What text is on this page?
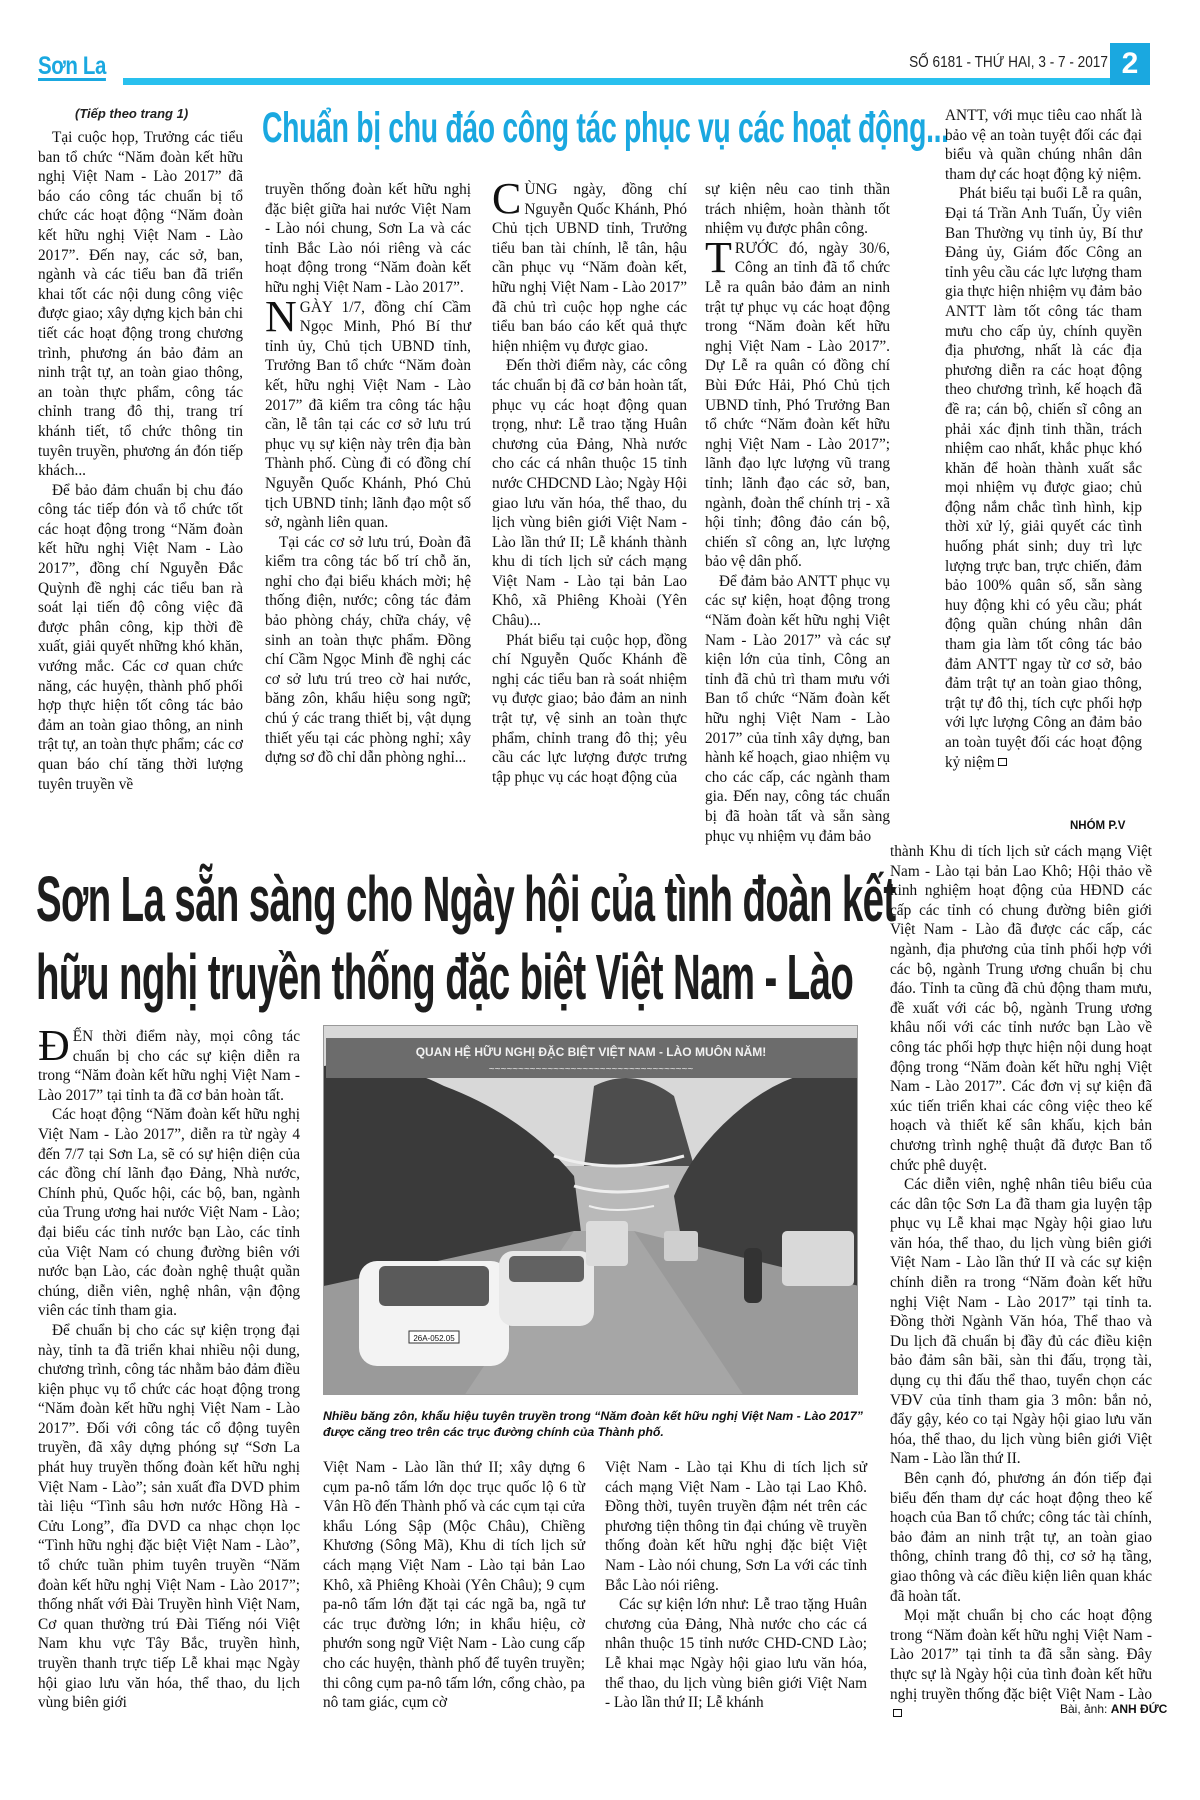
Sơn La	SỐ 6181 - THỨ HAI, 3 - 7 - 2017 2
(Tiếp theo trang 1) Chuẩn bị chu đáo công tác phục vụ các hoạt động...

Tại cuộc họp, Trưởng các tiểu ban tổ chức “Năm đoàn kết hữu nghị Việt Nam - Lào 2017” đã báo cáo công tác chuẩn bị tổ chức các hoạt động “Năm đoàn kết hữu nghị Việt Nam - Lào 2017”. Đến nay, các sở, ban, ngành và các tiểu ban đã triển khai tốt các nội dung công việc được giao; xây dựng kịch bản chi tiết các hoạt động trong chương trình, phương án bảo đảm an ninh trật tự, an toàn giao thông, an toàn thực phẩm, công tác chỉnh trang đô thị, trang trí khánh tiết, tổ chức thông tin tuyên truyền, phương án đón tiếp khách...

Để bảo đảm chuẩn bị chu đáo công tác tiếp đón và tổ chức tốt các hoạt động trong “Năm đoàn kết hữu nghị Việt Nam - Lào 2017”, đồng chí Nguyễn Đắc Quỳnh đề nghị các tiểu ban rà soát lại tiến độ công việc đã được phân công, kịp thời đề xuất, giải quyết những khó khăn, vướng mắc. Các cơ quan chức năng, các huyện, thành phố phối hợp thực hiện tốt công tác bảo đảm an toàn giao thông, an ninh trật tự, an toàn thực phẩm; các cơ quan báo chí tăng thời lượng tuyên truyền về

truyền thống đoàn kết hữu nghị đặc biệt giữa hai nước Việt Nam - Lào nói chung, Sơn La và các tỉnh Bắc Lào nói riêng và các hoạt động trong “Năm đoàn kết hữu nghị Việt Nam - Lào 2017”.

NGÀY 1/7, đồng chí Cầm Ngọc Minh, Phó Bí thư tỉnh ủy, Chủ tịch UBND tỉnh, Trưởng Ban tổ chức “Năm đoàn kết, hữu nghị Việt Nam - Lào 2017” đã kiểm tra công tác hậu cần, lễ tân tại các cơ sở lưu trú phục vụ sự kiện này trên địa bàn Thành phố. Cùng đi có đồng chí Nguyễn Quốc Khánh, Phó Chủ tịch UBND tỉnh; lãnh đạo một số sở, ngành liên quan.

Tại các cơ sở lưu trú, Đoàn đã kiểm tra công tác bố trí chỗ ăn, nghỉ cho đại biểu khách mời; hệ thống điện, nước; công tác đảm bảo phòng cháy, chữa cháy, vệ sinh an toàn thực phẩm. Đồng chí Cầm Ngọc Minh đề nghị các cơ sở lưu trú treo cờ hai nước, băng zôn, khẩu hiệu song ngữ; chú ý các trang thiết bị, vật dụng thiết yếu tại các phòng nghỉ; xây dựng sơ đồ chỉ dẫn phòng nghỉ...

CÙNG ngày, đồng chí Nguyễn Quốc Khánh, Phó Chủ tịch UBND tỉnh, Trưởng tiểu ban tài chính, lễ tân, hậu cần phục vụ “Năm đoàn kết, hữu nghị Việt Nam - Lào 2017” đã chủ trì cuộc họp nghe các tiểu ban báo cáo kết quả thực hiện nhiệm vụ được giao.

Đến thời điểm này, các công tác chuẩn bị đã cơ bản hoàn tất, phục vụ các hoạt động quan trọng, như: Lễ trao tặng Huân chương của Đảng, Nhà nước cho các cá nhân thuộc 15 tỉnh nước CHDCND Lào; Ngày Hội giao lưu văn hóa, thể thao, du lịch vùng biên giới Việt Nam - Lào lần thứ II; Lễ khánh thành khu di tích lịch sử cách mạng Việt Nam - Lào tại bản Lao Khô, xã Phiêng Khoài (Yên Châu)...

Phát biểu tại cuộc họp, đồng chí Nguyễn Quốc Khánh đề nghị các tiểu ban rà soát nhiệm vụ được giao; bảo đảm an ninh trật tự, vệ sinh an toàn thực phẩm, chỉnh trang đô thị; yêu cầu các lực lượng được trưng tập phục vụ các hoạt động của

sự kiện nêu cao tinh thần trách nhiệm, hoàn thành tốt nhiệm vụ được phân công.

TRƯỚC đó, ngày 30/6, Công an tỉnh đã tổ chức Lễ ra quân bảo đảm an ninh trật tự phục vụ các hoạt động trong “Năm đoàn kết hữu nghị Việt Nam - Lào 2017”. Dự Lễ ra quân có đồng chí Bùi Đức Hải, Phó Chủ tịch UBND tỉnh, Phó Trưởng Ban tổ chức “Năm đoàn kết hữu nghị Việt Nam - Lào 2017”; lãnh đạo lực lượng vũ trang tỉnh; lãnh đạo các sở, ban, ngành, đoàn thể chính trị - xã hội tỉnh; đông đảo cán bộ, chiến sĩ công an, lực lượng bảo vệ dân phố.

Để đảm bảo ANTT phục vụ các sự kiện, hoạt động trong “Năm đoàn kết hữu nghị Việt Nam - Lào 2017” và các sự kiện lớn của tỉnh, Công an tỉnh đã chủ trì tham mưu với Ban tổ chức “Năm đoàn kết hữu nghị Việt Nam - Lào 2017” của tỉnh xây dựng, ban hành kế hoạch, giao nhiệm vụ cho các cấp, các ngành tham gia. Đến nay, công tác chuẩn bị đã hoàn tất và sẵn sàng phục vụ nhiệm vụ đảm bảo

ANTT, với mục tiêu cao nhất là bảo vệ an toàn tuyệt đối các đại biểu và quần chúng nhân dân tham dự các hoạt động kỷ niệm.

Phát biểu tại buổi Lễ ra quân, Đại tá Trần Anh Tuấn, Ủy viên Ban Thường vụ tỉnh ủy, Bí thư Đảng ủy, Giám đốc Công an tỉnh yêu cầu các lực lượng tham gia thực hiện nhiệm vụ đảm bảo ANTT làm tốt công tác tham mưu cho cấp ủy, chính quyền địa phương, nhất là các địa phương diễn ra các hoạt động theo chương trình, kế hoạch đã đề ra; cán bộ, chiến sĩ công an phải xác định tinh thần, trách nhiệm cao nhất, khắc phục khó khăn để hoàn thành xuất sắc mọi nhiệm vụ được giao; chủ động nắm chắc tình hình, kịp thời xử lý, giải quyết các tình huống phát sinh; duy trì lực lượng trực ban, trực chiến, đảm bảo 100% quân số, sẵn sàng huy động khi có yêu cầu; phát động quần chúng nhân dân tham gia làm tốt công tác bảo đảm ANTT ngay từ cơ sở, bảo đảm trật tự an toàn giao thông, trật tự đô thị, tích cực phối hợp với lực lượng Công an đảm bảo an toàn tuyệt đối các hoạt động kỷ niệm

NHÓM P.V
Sơn La sẵn sàng cho Ngày hội của tình đoàn kết
hữu nghị truyền thống đặc biệt Việt Nam - Lào

ĐẾN thời điểm này, mọi công tác chuẩn bị cho các sự kiện diễn ra trong “Năm đoàn kết hữu nghị Việt Nam - Lào 2017” tại tỉnh ta đã cơ bản hoàn tất.

Các hoạt động “Năm đoàn kết hữu nghị Việt Nam - Lào 2017”, diễn ra từ ngày 4 đến 7/7 tại Sơn La, sẽ có sự hiện diện của các đồng chí lãnh đạo Đảng, Nhà nước, Chính phủ, Quốc hội, các bộ, ban, ngành của Trung ương hai nước Việt Nam - Lào; đại biểu các tỉnh nước bạn Lào, các tỉnh của Việt Nam có chung đường biên với nước bạn Lào, các đoàn nghệ thuật quần chúng, diễn viên, nghệ nhân, vận động viên các tỉnh tham gia.

Để chuẩn bị cho các sự kiện trọng đại này, tỉnh ta đã triển khai nhiều nội dung, chương trình, công tác nhằm bảo đảm điều kiện phục vụ tổ chức các hoạt động trong “Năm đoàn kết hữu nghị Việt Nam - Lào 2017”. Đối với công tác cổ động tuyên truyền, đã xây dựng phóng sự “Sơn La phát huy truyền thống đoàn kết hữu nghị Việt Nam - Lào”; sản xuất đĩa DVD phim tài liệu “Tình sâu hơn nước Hồng Hà - Cửu Long”, đĩa DVD ca nhạc chọn lọc “Tình hữu nghị đặc biệt Việt Nam - Lào”, tổ chức tuần phim tuyên truyền “Năm đoàn kết hữu nghị Việt Nam - Lào 2017”; thống nhất với Đài Truyền hình Việt Nam, Cơ quan thường trú Đài Tiếng nói Việt Nam khu vực Tây Bắc, truyền hình, truyền thanh trực tiếp Lễ khai mạc Ngày hội giao lưu văn hóa, thể thao, du lịch vùng biên giới

QUAN HỆ HỮU NGHỊ ĐẶC BIỆT VIỆT NAM - LÀO MUÔN NĂM!
~~~~~~~~~~~~~~~~~~~~~~~~~~~~~~~~~~~
26A-052.05
Nhiều băng zôn, khẩu hiệu tuyên truyền trong “Năm đoàn kết hữu nghị Việt Nam - Lào 2017” được căng treo trên các trục đường chính của Thành phố.

Việt Nam - Lào lần thứ II; xây dựng 6 cụm pa-nô tấm lớn dọc trục quốc lộ 6 từ Vân Hồ đến Thành phố và các cụm tại cửa khẩu Lóng Sập (Mộc Châu), Chiềng Khương (Sông Mã), Khu di tích lịch sử cách mạng Việt Nam - Lào tại bản Lao Khô, xã Phiêng Khoài (Yên Châu); 9 cụm pa-nô tấm lớn đặt tại các ngã ba, ngã tư các trục đường lớn; in khẩu hiệu, cờ phướn song ngữ Việt Nam - Lào cung cấp cho các huyện, thành phố để tuyên truyền; thi công cụm pa-nô tấm lớn, cổng chào, pa nô tam giác, cụm cờ

Việt Nam - Lào tại Khu di tích lịch sử cách mạng Việt Nam - Lào tại Lao Khô. Đồng thời, tuyên truyền đậm nét trên các phương tiện thông tin đại chúng về truyền thống đoàn kết hữu nghị đặc biệt Việt Nam - Lào nói chung, Sơn La với các tỉnh Bắc Lào nói riêng.

Các sự kiện lớn như: Lễ trao tặng Huân chương của Đảng, Nhà nước cho các cá nhân thuộc 15 tỉnh nước CHD-CND Lào; Lễ khai mạc Ngày hội giao lưu văn hóa, thể thao, du lịch vùng biên giới Việt Nam - Lào lần thứ II; Lễ khánh

thành Khu di tích lịch sử cách mạng Việt Nam - Lào tại bản Lao Khô; Hội thảo về kinh nghiệm hoạt động của HĐND các cấp các tỉnh có chung đường biên giới Việt Nam - Lào đã được các cấp, các ngành, địa phương của tỉnh phối hợp với các bộ, ngành Trung ương chuẩn bị chu đáo. Tỉnh ta cũng đã chủ động tham mưu, đề xuất với các bộ, ngành Trung ương khâu nối với các tỉnh nước bạn Lào về công tác phối hợp thực hiện nội dung hoạt động trong “Năm đoàn kết hữu nghị Việt Nam - Lào 2017”. Các đơn vị sự kiện đã xúc tiến triển khai các công việc theo kế hoạch và thiết kế sân khấu, kịch bản chương trình nghệ thuật đã được Ban tổ chức phê duyệt.

Các diễn viên, nghệ nhân tiêu biểu của các dân tộc Sơn La đã tham gia luyện tập phục vụ Lễ khai mạc Ngày hội giao lưu văn hóa, thể thao, du lịch vùng biên giới Việt Nam - Lào lần thứ II và các sự kiện chính diễn ra trong “Năm đoàn kết hữu nghị Việt Nam - Lào 2017” tại tỉnh ta. Đồng thời Ngành Văn hóa, Thể thao và Du lịch đã chuẩn bị đầy đủ các điều kiện bảo đảm sân bãi, sàn thi đấu, trọng tài, dụng cụ thi đấu thể thao, tuyển chọn các VĐV của tỉnh tham gia 3 môn: bắn nỏ, đẩy gậy, kéo co tại Ngày hội giao lưu văn hóa, thể thao, du lịch vùng biên giới Việt Nam - Lào lần thứ II.

Bên cạnh đó, phương án đón tiếp đại biểu đến tham dự các hoạt động theo kế hoạch của Ban tổ chức; công tác tài chính, bảo đảm an ninh trật tự, an toàn giao thông, chỉnh trang đô thị, cơ sở hạ tầng, giao thông và các điều kiện liên quan khác đã hoàn tất.

Mọi mặt chuẩn bị cho các hoạt động trong “Năm đoàn kết hữu nghị Việt Nam - Lào 2017” tại tỉnh ta đã sẵn sàng. Đây thực sự là Ngày hội của tình đoàn kết hữu nghị truyền thống đặc biệt Việt Nam - Lào

Bài, ảnh: ANH ĐỨC
